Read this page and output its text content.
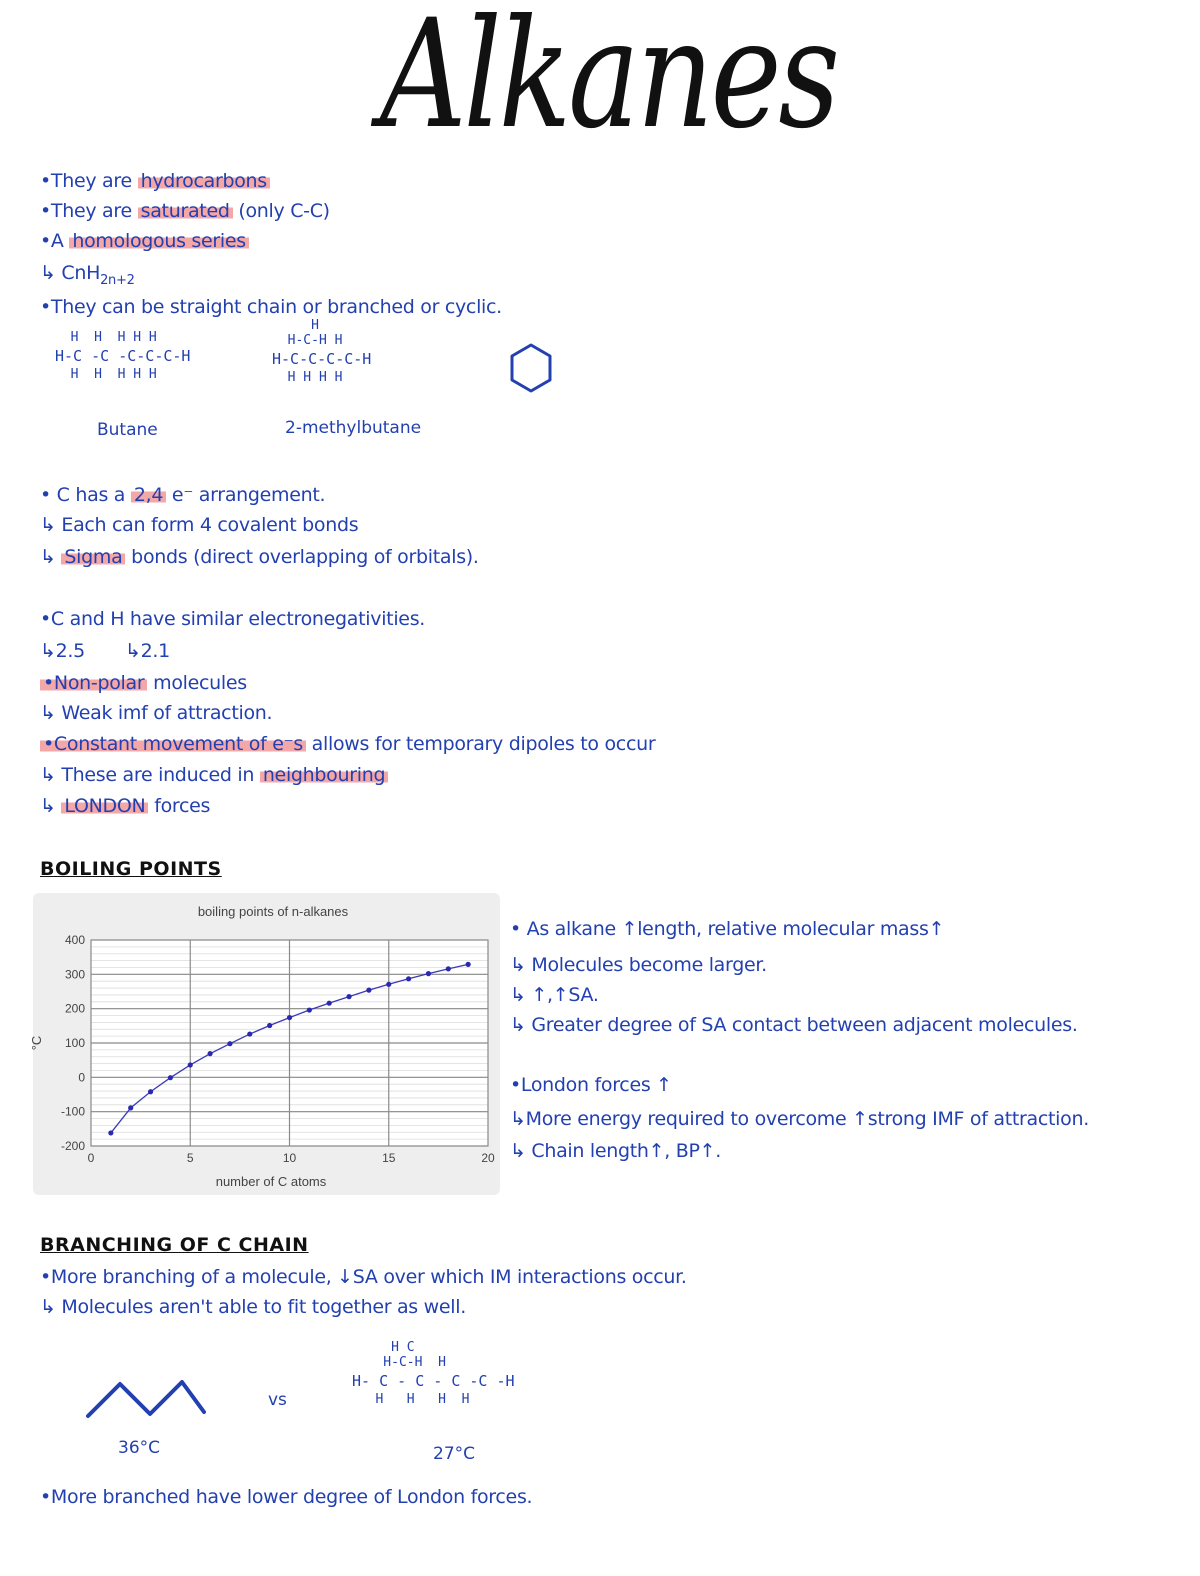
Alkanes
•They are hydrocarbons
•They are saturated (only C-C)
•A homologous series
↳ CnH$_{2n+2}$
•They can be straight chain or branched or cyclic.
H  H  H H H
H-C -C -C-C-C-H
H  H  H H H
Butane
H
H-C-H H
H-C-C-C-C-H
H H H H
2-methylbutane
• C has a 2,4 e⁻ arrangement.
↳ Each can form 4 covalent bonds
↳ Sigma bonds (direct overlapping of orbitals).
•C and H have similar electronegativities.
↳2.5 ↳2.1
•Non-polar molecules
↳ Weak imf of attraction.
•Constant movement of e⁻s allows for temporary dipoles to occur
↳ These are induced in neighbouring
↳ LONDON forces
BOILING POINTS
boiling points of n-alkanes
number of C atoms
°C
400
300
200
100
0
-100
-200
0	5	10	15	20
• As alkane ↑length, relative molecular mass↑
↳ Molecules become larger.
↳ ↑,↑SA.
↳ Greater degree of SA contact between adjacent molecules.
•London forces ↑
↳More energy required to overcome ↑strong IMF of attraction.
↳ Chain length↑, BP↑.
BRANCHING OF C CHAIN
•More branching of a molecule, ↓SA over which IM interactions occur.
↳ Molecules aren't able to fit together as well.
36°C
vs
H C
H-C-H  H
H- C - C - C -C -H
H   H   H  H
27°C
•More branched have lower degree of London forces.
